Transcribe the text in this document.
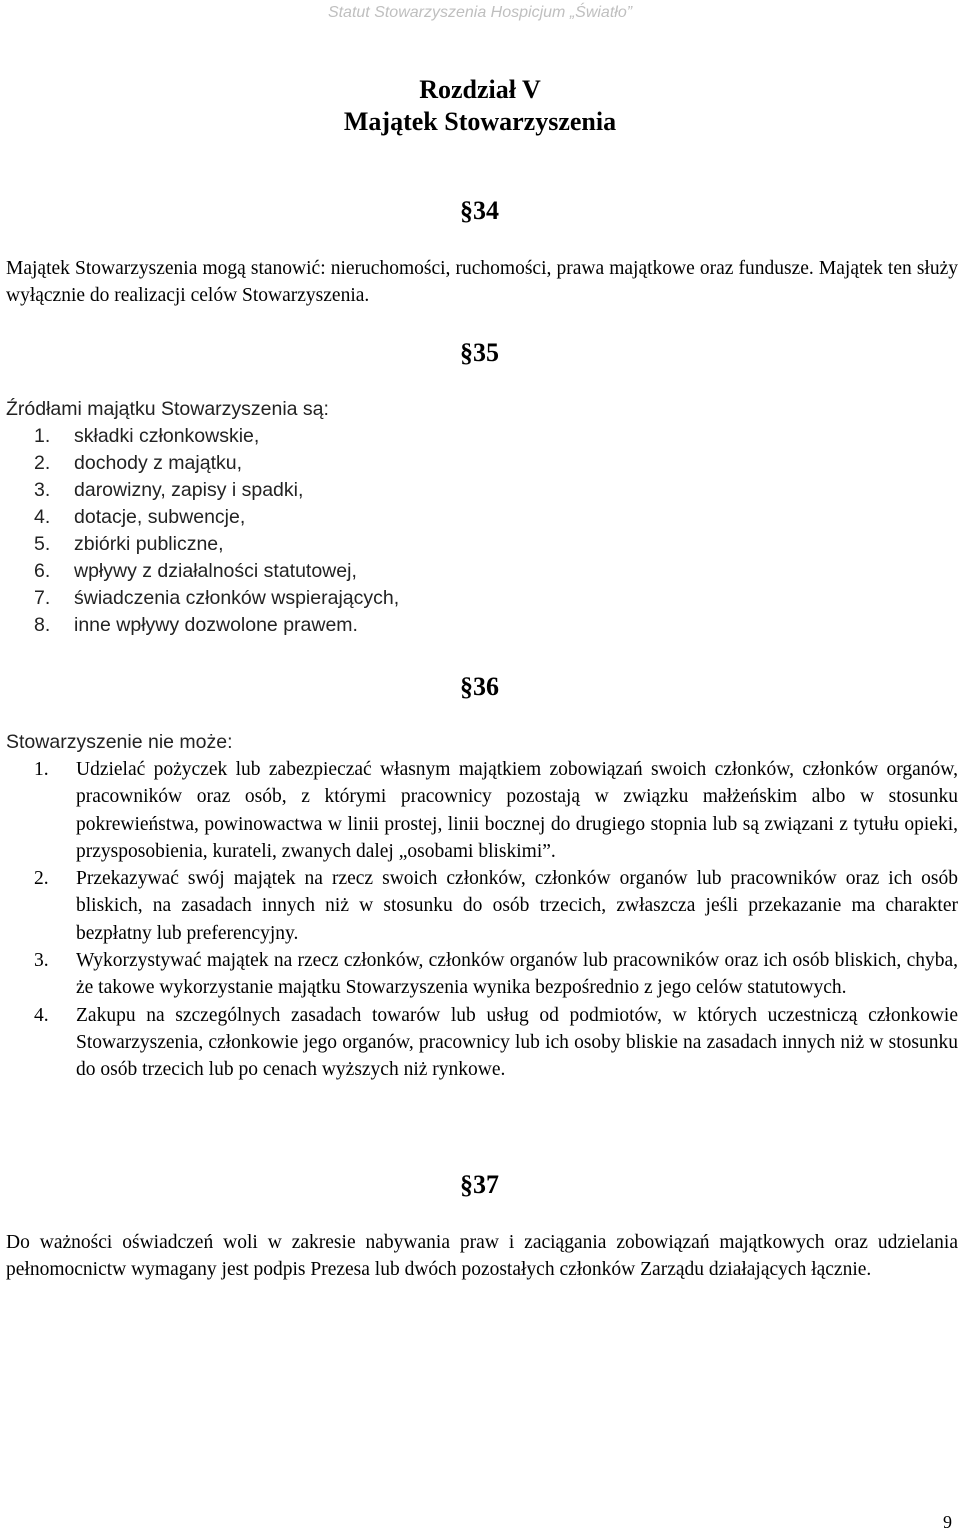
Statut Stowarzyszenia Hospicjum „Światło”
Rozdział V
Majątek Stowarzyszenia
§34
Majątek Stowarzyszenia mogą stanowić: nieruchomości, ruchomości, prawa majątkowe oraz fundusze. Majątek ten służy wyłącznie do realizacji celów Stowarzyszenia.
§35
Źródłami majątku Stowarzyszenia są:
1. składki członkowskie,
2. dochody z majątku,
3. darowizny, zapisy i spadki,
4. dotacje, subwencje,
5. zbiórki publiczne,
6. wpływy z działalności statutowej,
7. świadczenia członków wspierających,
8. inne wpływy dozwolone prawem.
§36
Stowarzyszenie nie może:
1. Udzielać pożyczek lub zabezpieczać własnym majątkiem zobowiązań swoich członków, członków organów, pracowników oraz osób, z którymi pracownicy pozostają w związku małżeńskim albo w stosunku pokrewieństwa, powinowactwa w linii prostej, linii bocznej do drugiego stopnia lub są związani z tytułu opieki, przysposobienia, kurateli, zwanych dalej „osobami bliskimi”.
2. Przekazywać swój majątek na rzecz swoich członków, członków organów lub pracowników oraz ich osób bliskich, na zasadach innych niż w stosunku do osób trzecich, zwłaszcza jeśli przekazanie ma charakter bezpłatny lub preferencyjny.
3. Wykorzystywać majątek na rzecz członków, członków organów lub pracowników oraz ich osób bliskich, chyba, że takowe wykorzystanie majątku Stowarzyszenia wynika bezpośrednio z jego celów statutowych.
4. Zakupu na szczególnych zasadach towarów lub usług od podmiotów, w których uczestniczą członkowie Stowarzyszenia, członkowie jego organów, pracownicy lub ich osoby bliskie na zasadach innych niż w stosunku do osób trzecich lub po cenach wyższych niż rynkowe.
§37
Do ważności oświadczeń woli w zakresie nabywania praw i zaciągania zobowiązań majątkowych oraz udzielania pełnomocnictw wymagany jest podpis Prezesa lub dwóch pozostałych członków Zarządu działających łącznie.
9
